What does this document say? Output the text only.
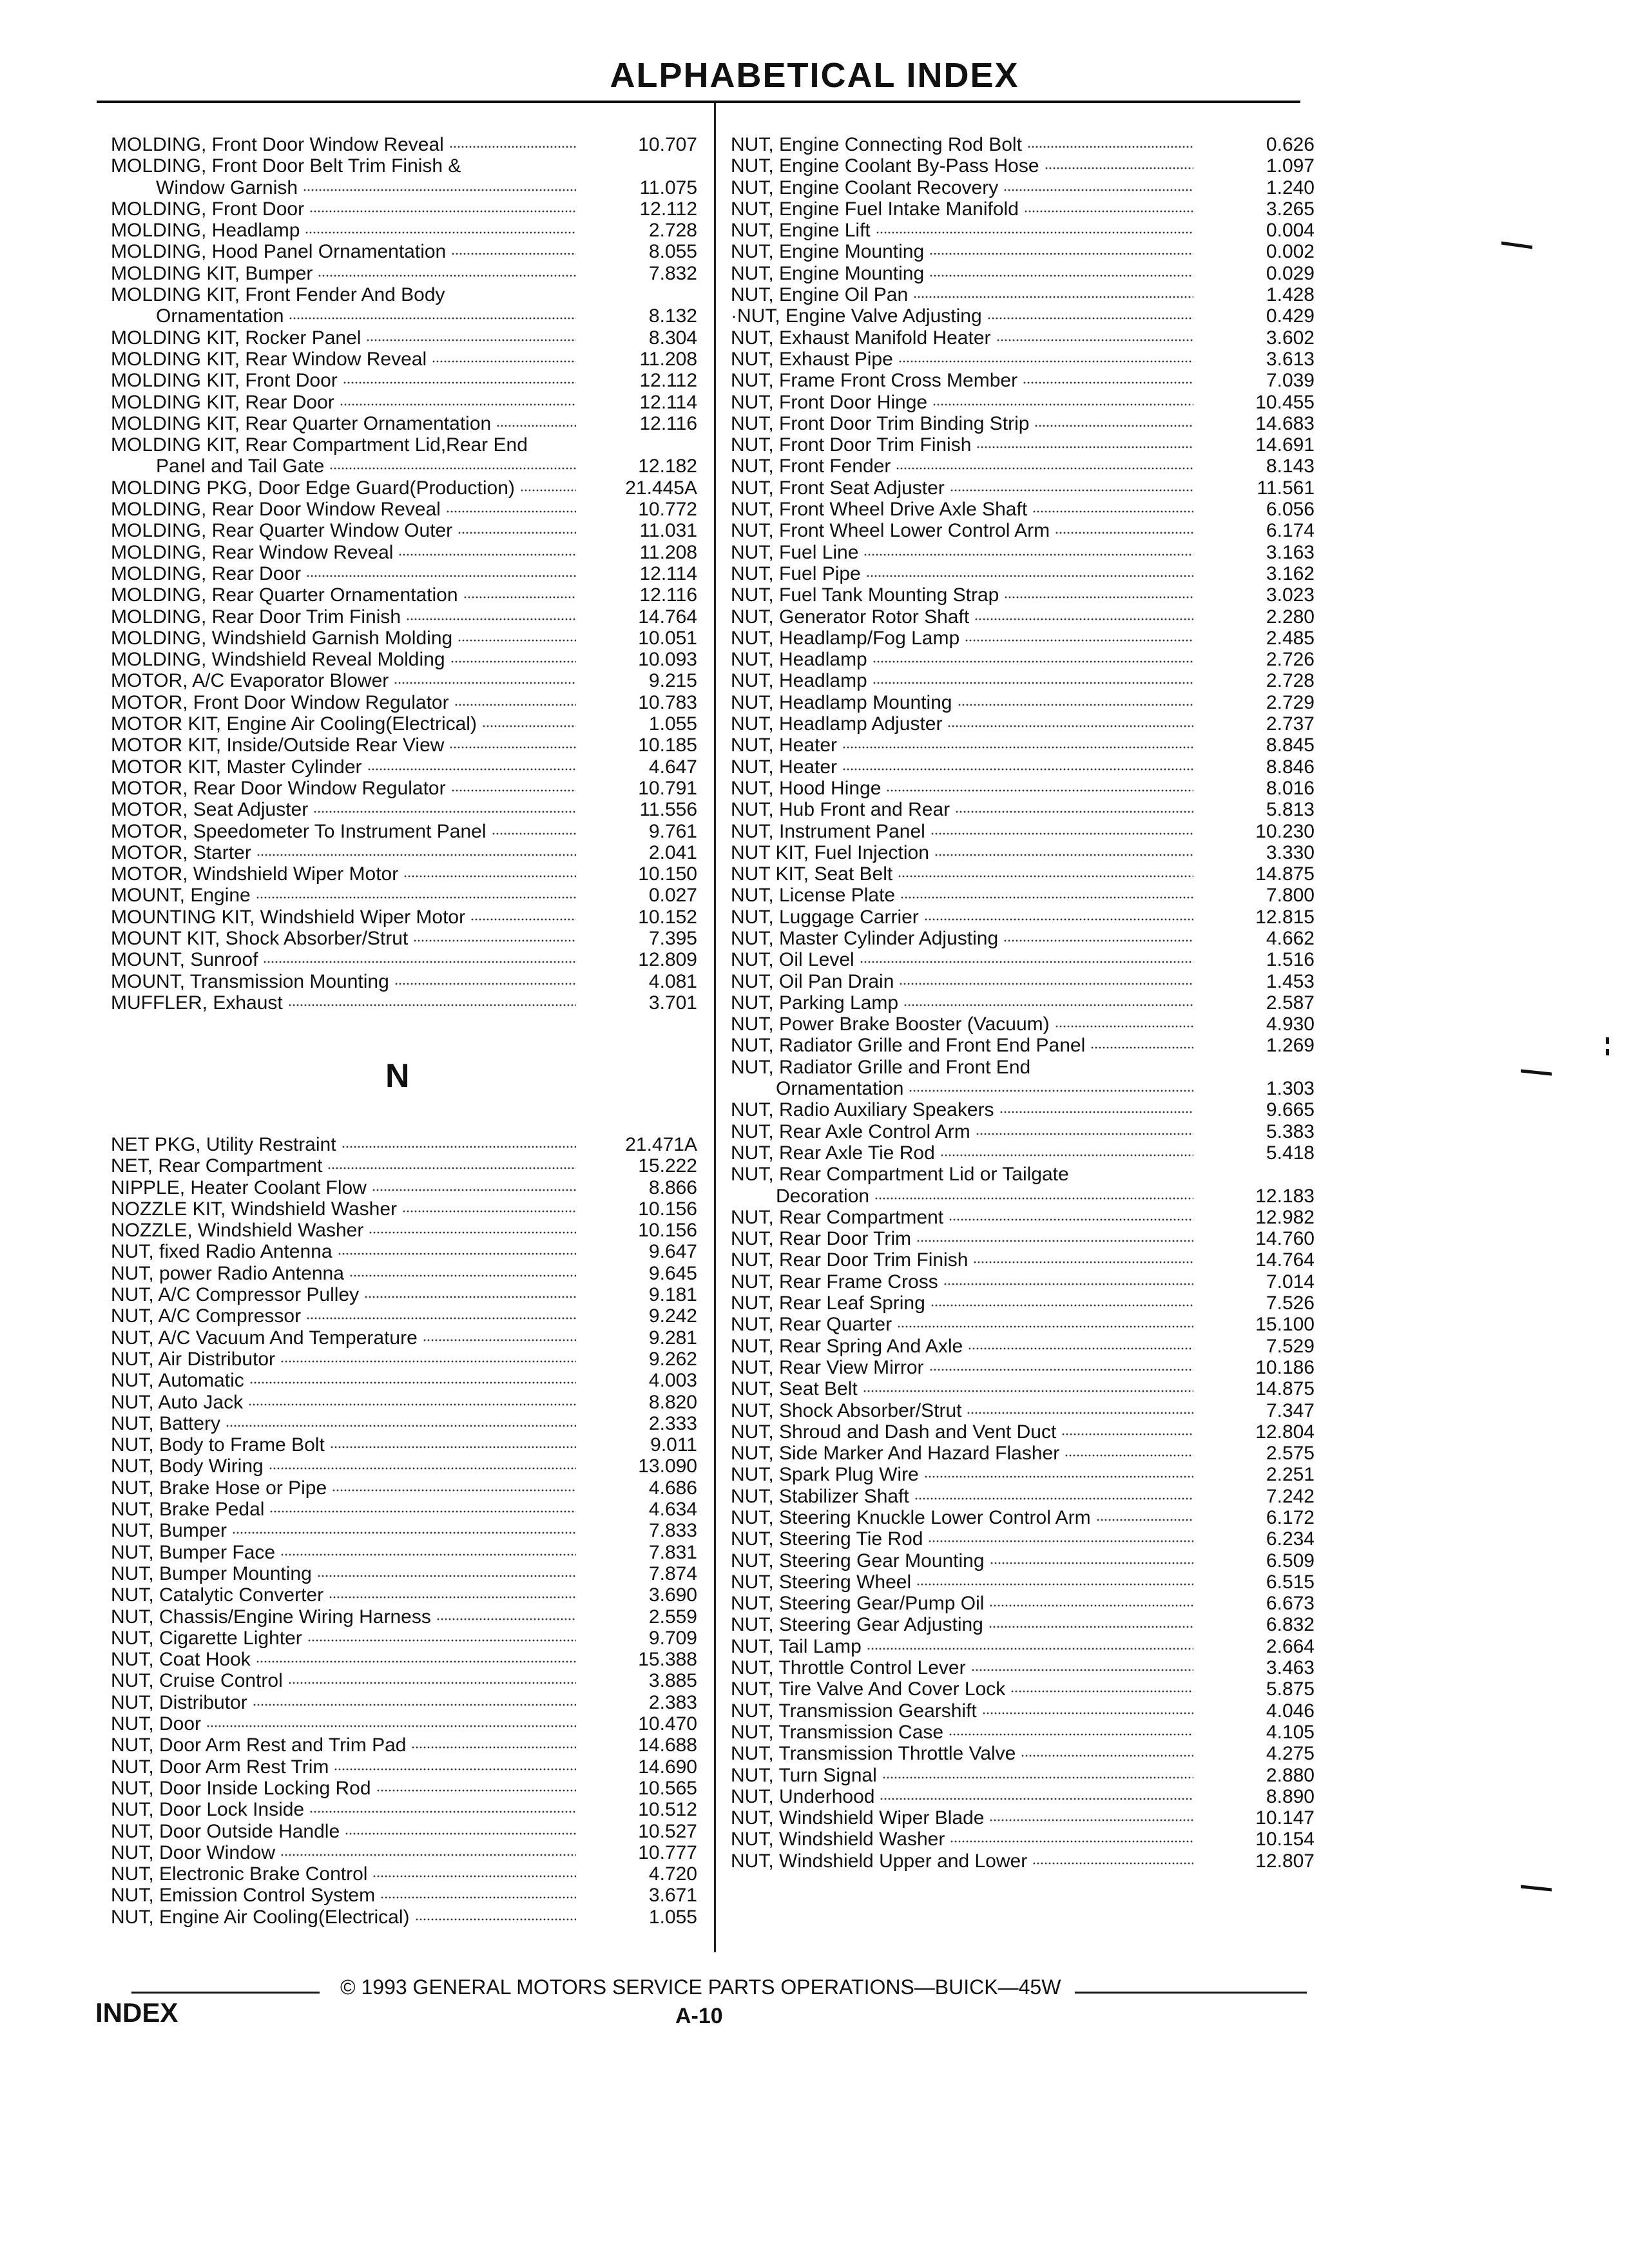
ALPHABETICAL INDEX
MOLDING, Front Door Window Reveal	10.707
MOLDING, Front Door Belt Trim Finish &
Window Garnish	11.075
MOLDING, Front Door	12.112
MOLDING, Headlamp	2.728
MOLDING, Hood Panel Ornamentation	8.055
MOLDING KIT, Bumper	7.832
MOLDING KIT, Front Fender And Body
Ornamentation	8.132
MOLDING KIT, Rocker Panel	8.304
MOLDING KIT, Rear Window Reveal	11.208
MOLDING KIT, Front Door	12.112
MOLDING KIT, Rear Door	12.114
MOLDING KIT, Rear Quarter Ornamentation	12.116
MOLDING KIT, Rear Compartment Lid,Rear End
Panel and Tail Gate	12.182
MOLDING PKG, Door Edge Guard(Production)	21.445A
MOLDING, Rear Door Window Reveal	10.772
MOLDING, Rear Quarter Window Outer	11.031
MOLDING, Rear Window Reveal	11.208
MOLDING, Rear Door	12.114
MOLDING, Rear Quarter Ornamentation	12.116
MOLDING, Rear Door Trim Finish	14.764
MOLDING, Windshield Garnish Molding	10.051
MOLDING, Windshield Reveal Molding	10.093
MOTOR, A/C Evaporator Blower	9.215
MOTOR, Front Door Window Regulator	10.783
MOTOR KIT, Engine Air Cooling(Electrical)	1.055
MOTOR KIT, Inside/Outside Rear View	10.185
MOTOR KIT, Master Cylinder	4.647
MOTOR, Rear Door Window Regulator	10.791
MOTOR, Seat Adjuster	11.556
MOTOR, Speedometer To Instrument Panel	9.761
MOTOR, Starter	2.041
MOTOR, Windshield Wiper Motor	10.150
MOUNT, Engine	0.027
MOUNTING KIT, Windshield Wiper Motor	10.152
MOUNT KIT, Shock Absorber/Strut	7.395
MOUNT, Sunroof	12.809
MOUNT, Transmission Mounting	4.081
MUFFLER, Exhaust	3.701
N
NET PKG, Utility Restraint	21.471A
NET, Rear Compartment	15.222
NIPPLE, Heater Coolant Flow	8.866
NOZZLE KIT, Windshield Washer	10.156
NOZZLE, Windshield Washer	10.156
NUT, fixed Radio Antenna	9.647
NUT, power Radio Antenna	9.645
NUT, A/C Compressor Pulley	9.181
NUT, A/C Compressor	9.242
NUT, A/C Vacuum And Temperature	9.281
NUT, Air Distributor	9.262
NUT, Automatic	4.003
NUT, Auto Jack	8.820
NUT, Battery	2.333
NUT, Body to Frame Bolt	9.011
NUT, Body Wiring	13.090
NUT, Brake Hose or Pipe	4.686
NUT, Brake Pedal	4.634
NUT, Bumper	7.833
NUT, Bumper Face	7.831
NUT, Bumper Mounting	7.874
NUT, Catalytic Converter	3.690
NUT, Chassis/Engine Wiring Harness	2.559
NUT, Cigarette Lighter	9.709
NUT, Coat Hook	15.388
NUT, Cruise Control	3.885
NUT, Distributor	2.383
NUT, Door	10.470
NUT, Door Arm Rest and Trim Pad	14.688
NUT, Door Arm Rest Trim	14.690
NUT, Door Inside Locking Rod	10.565
NUT, Door Lock Inside	10.512
NUT, Door Outside Handle	10.527
NUT, Door Window	10.777
NUT, Electronic Brake Control	4.720
NUT, Emission Control System	3.671
NUT, Engine Air Cooling(Electrical)	1.055
NUT, Engine Connecting Rod Bolt	0.626
NUT, Engine Coolant By-Pass Hose	1.097
NUT, Engine Coolant Recovery	1.240
NUT, Engine Fuel Intake Manifold	3.265
NUT, Engine Lift	0.004
NUT, Engine Mounting	0.002
NUT, Engine Mounting	0.029
NUT, Engine Oil Pan	1.428
·NUT, Engine Valve Adjusting	0.429
NUT, Exhaust Manifold Heater	3.602
NUT, Exhaust Pipe	3.613
NUT, Frame Front Cross Member	7.039
NUT, Front Door Hinge	10.455
NUT, Front Door Trim Binding Strip	14.683
NUT, Front Door Trim Finish	14.691
NUT, Front Fender	8.143
NUT, Front Seat Adjuster	11.561
NUT, Front Wheel Drive Axle Shaft	6.056
NUT, Front Wheel Lower Control Arm	6.174
NUT, Fuel Line	3.163
NUT, Fuel Pipe	3.162
NUT, Fuel Tank Mounting Strap	3.023
NUT, Generator Rotor Shaft	2.280
NUT, Headlamp/Fog Lamp	2.485
NUT, Headlamp	2.726
NUT, Headlamp	2.728
NUT, Headlamp Mounting	2.729
NUT, Headlamp Adjuster	2.737
NUT, Heater	8.845
NUT, Heater	8.846
NUT, Hood Hinge	8.016
NUT, Hub Front and Rear	5.813
NUT, Instrument Panel	10.230
NUT KIT, Fuel Injection	3.330
NUT KIT, Seat Belt	14.875
NUT, License Plate	7.800
NUT, Luggage Carrier	12.815
NUT, Master Cylinder Adjusting	4.662
NUT, Oil Level	1.516
NUT, Oil Pan Drain	1.453
NUT, Parking Lamp	2.587
NUT, Power Brake Booster (Vacuum)	4.930
NUT, Radiator Grille and Front End Panel	1.269
NUT, Radiator Grille and Front End
Ornamentation	1.303
NUT, Radio Auxiliary Speakers	9.665
NUT, Rear Axle Control Arm	5.383
NUT, Rear Axle Tie Rod	5.418
NUT, Rear Compartment Lid or Tailgate
Decoration	12.183
NUT, Rear Compartment	12.982
NUT, Rear Door Trim	14.760
NUT, Rear Door Trim Finish	14.764
NUT, Rear Frame Cross	7.014
NUT, Rear Leaf Spring	7.526
NUT, Rear Quarter	15.100
NUT, Rear Spring And Axle	7.529
NUT, Rear View Mirror	10.186
NUT, Seat Belt	14.875
NUT, Shock Absorber/Strut	7.347
NUT, Shroud and Dash and Vent Duct	12.804
NUT, Side Marker And Hazard Flasher	2.575
NUT, Spark Plug Wire	2.251
NUT, Stabilizer Shaft	7.242
NUT, Steering Knuckle Lower Control Arm	6.172
NUT, Steering Tie Rod	6.234
NUT, Steering Gear Mounting	6.509
NUT, Steering Wheel	6.515
NUT, Steering Gear/Pump Oil	6.673
NUT, Steering Gear Adjusting	6.832
NUT, Tail Lamp	2.664
NUT, Throttle Control Lever	3.463
NUT, Tire Valve And Cover Lock	5.875
NUT, Transmission Gearshift	4.046
NUT, Transmission Case	4.105
NUT, Transmission Throttle Valve	4.275
NUT, Turn Signal	2.880
NUT, Underhood	8.890
NUT, Windshield Wiper Blade	10.147
NUT, Windshield Washer	10.154
NUT, Windshield Upper and Lower	12.807
© 1993 GENERAL MOTORS SERVICE PARTS OPERATIONS—BUICK—45W
INDEX	A-10
